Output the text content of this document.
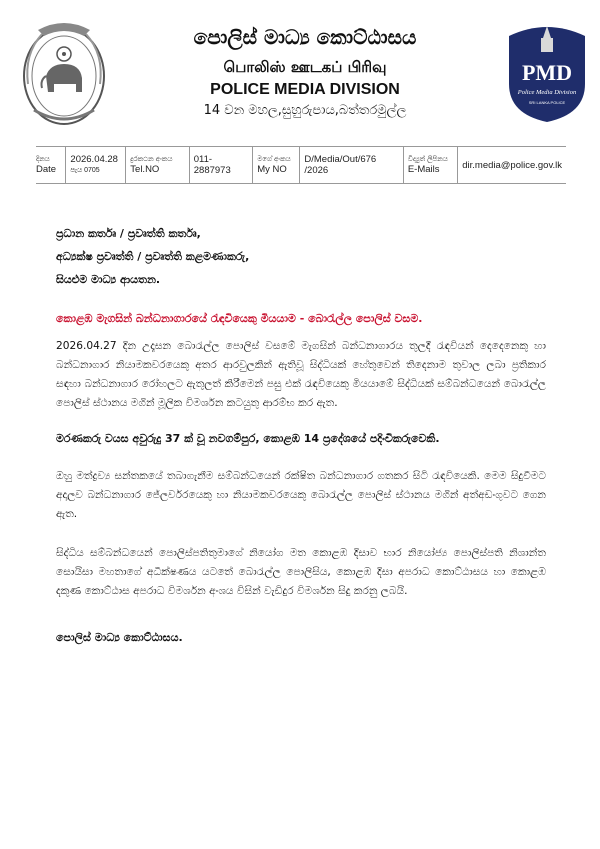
පොලිස් මාධ්‍ය කොට්ඨාසය
பொலிஸ் ஊடகப் பிரிவு
POLICE MEDIA DIVISION
14 වන මහල,සුහුරුපාය,බත්තරමුල්ල
PMD
Police Media Division
SRI LANKA POLICE
දිනය
Date
2026.04.28
පැය 0705
දුරකථන අංකය
Tel.NO
011-2887973
මගේ අංකය
My NO
D/Media/Out/676 /2026
විද්‍යුත් ලිපිනය
E-Mails	dir.media@police.gov.lk
ප්‍රධාන කර්තෘ / ප්‍රවෘත්ති කර්තෘ,
අධ්‍යක්ෂ ප්‍රවෘත්ති / ප්‍රවෘත්ති කළමණාකරු,
සියළුම මාධ්‍ය ආයතන.
කොළඹ මැගසින් බන්ධනාගාරයේ රැඳවියෙකු මියයාම - බොරැල්ල පොලිස් වසම.
2026.04.27 දින උදෑසන බොරැල්ල පොලිස් වසමේ මැගසින් බන්ධනාගාරය තුලදී රැඳවියන් දෙදෙනෙකු හා බන්ධනාගාර නියාමකවරයෙකු අතර ආරවුලකින් ඇතිවූ සිද්ධියක් හේතුවෙන් තිදෙනාම තුවාල ලබා ප්‍රතිකාර සඳහා බන්ධනාගාර රෝහලට ඇතුලත් කිරීමෙන් පසු එක් රැඳවියෙකු මියයාමේ සිද්ධියක් සම්බන්ධයෙන් බොරැල්ල පොලිස් ස්ථානය මගින් මූලික විමර්ශන කටයුතු ආරම්භ කර ඇත.
මරණකරු වයස අවුරුදු 37 ක් වූ නවගම්පුර, කොළඹ 14 ප්‍රදේශයේ පදිංචිකරුවෙකි.
ඔහු මත්ද්‍රව්‍ය සන්තකයේ තබාගැනීම සම්බන්ධයෙන් රක්ෂිත බන්ධනාගාර ගතකර සිටි රැඳවියෙකි. මෙම සිදුවීමට අදාලව බන්ධනාගාර ජේලර්වරයෙකු හා නියාමකවරයෙකු බොරැල්ල පොලිස් ස්ථානය මගින් අත්අඩංගුවට ගෙන ඇත.
සිද්ධිය සම්බන්ධයෙන් පොලිස්පතිතුමාගේ නියෝග මත කොළඹ දිසාව භාර නියෝජ්‍ය පොලිස්පති නිශාන්ත සොයිසා මහතාගේ අධීක්ෂණය යටතේ බොරැල්ල පොලිසිය, කොළඹ දිසා අපරාධ කොට්ඨාසය හා කොළඹ දකුණ කොට්ඨාස අපරාධ විමර්ශන අංශය විසින් වැඩිදුර විමර්ශන සිදු කරනු ලබයි.
පොලිස් මාධ්‍ය කොට්ඨාසය.
